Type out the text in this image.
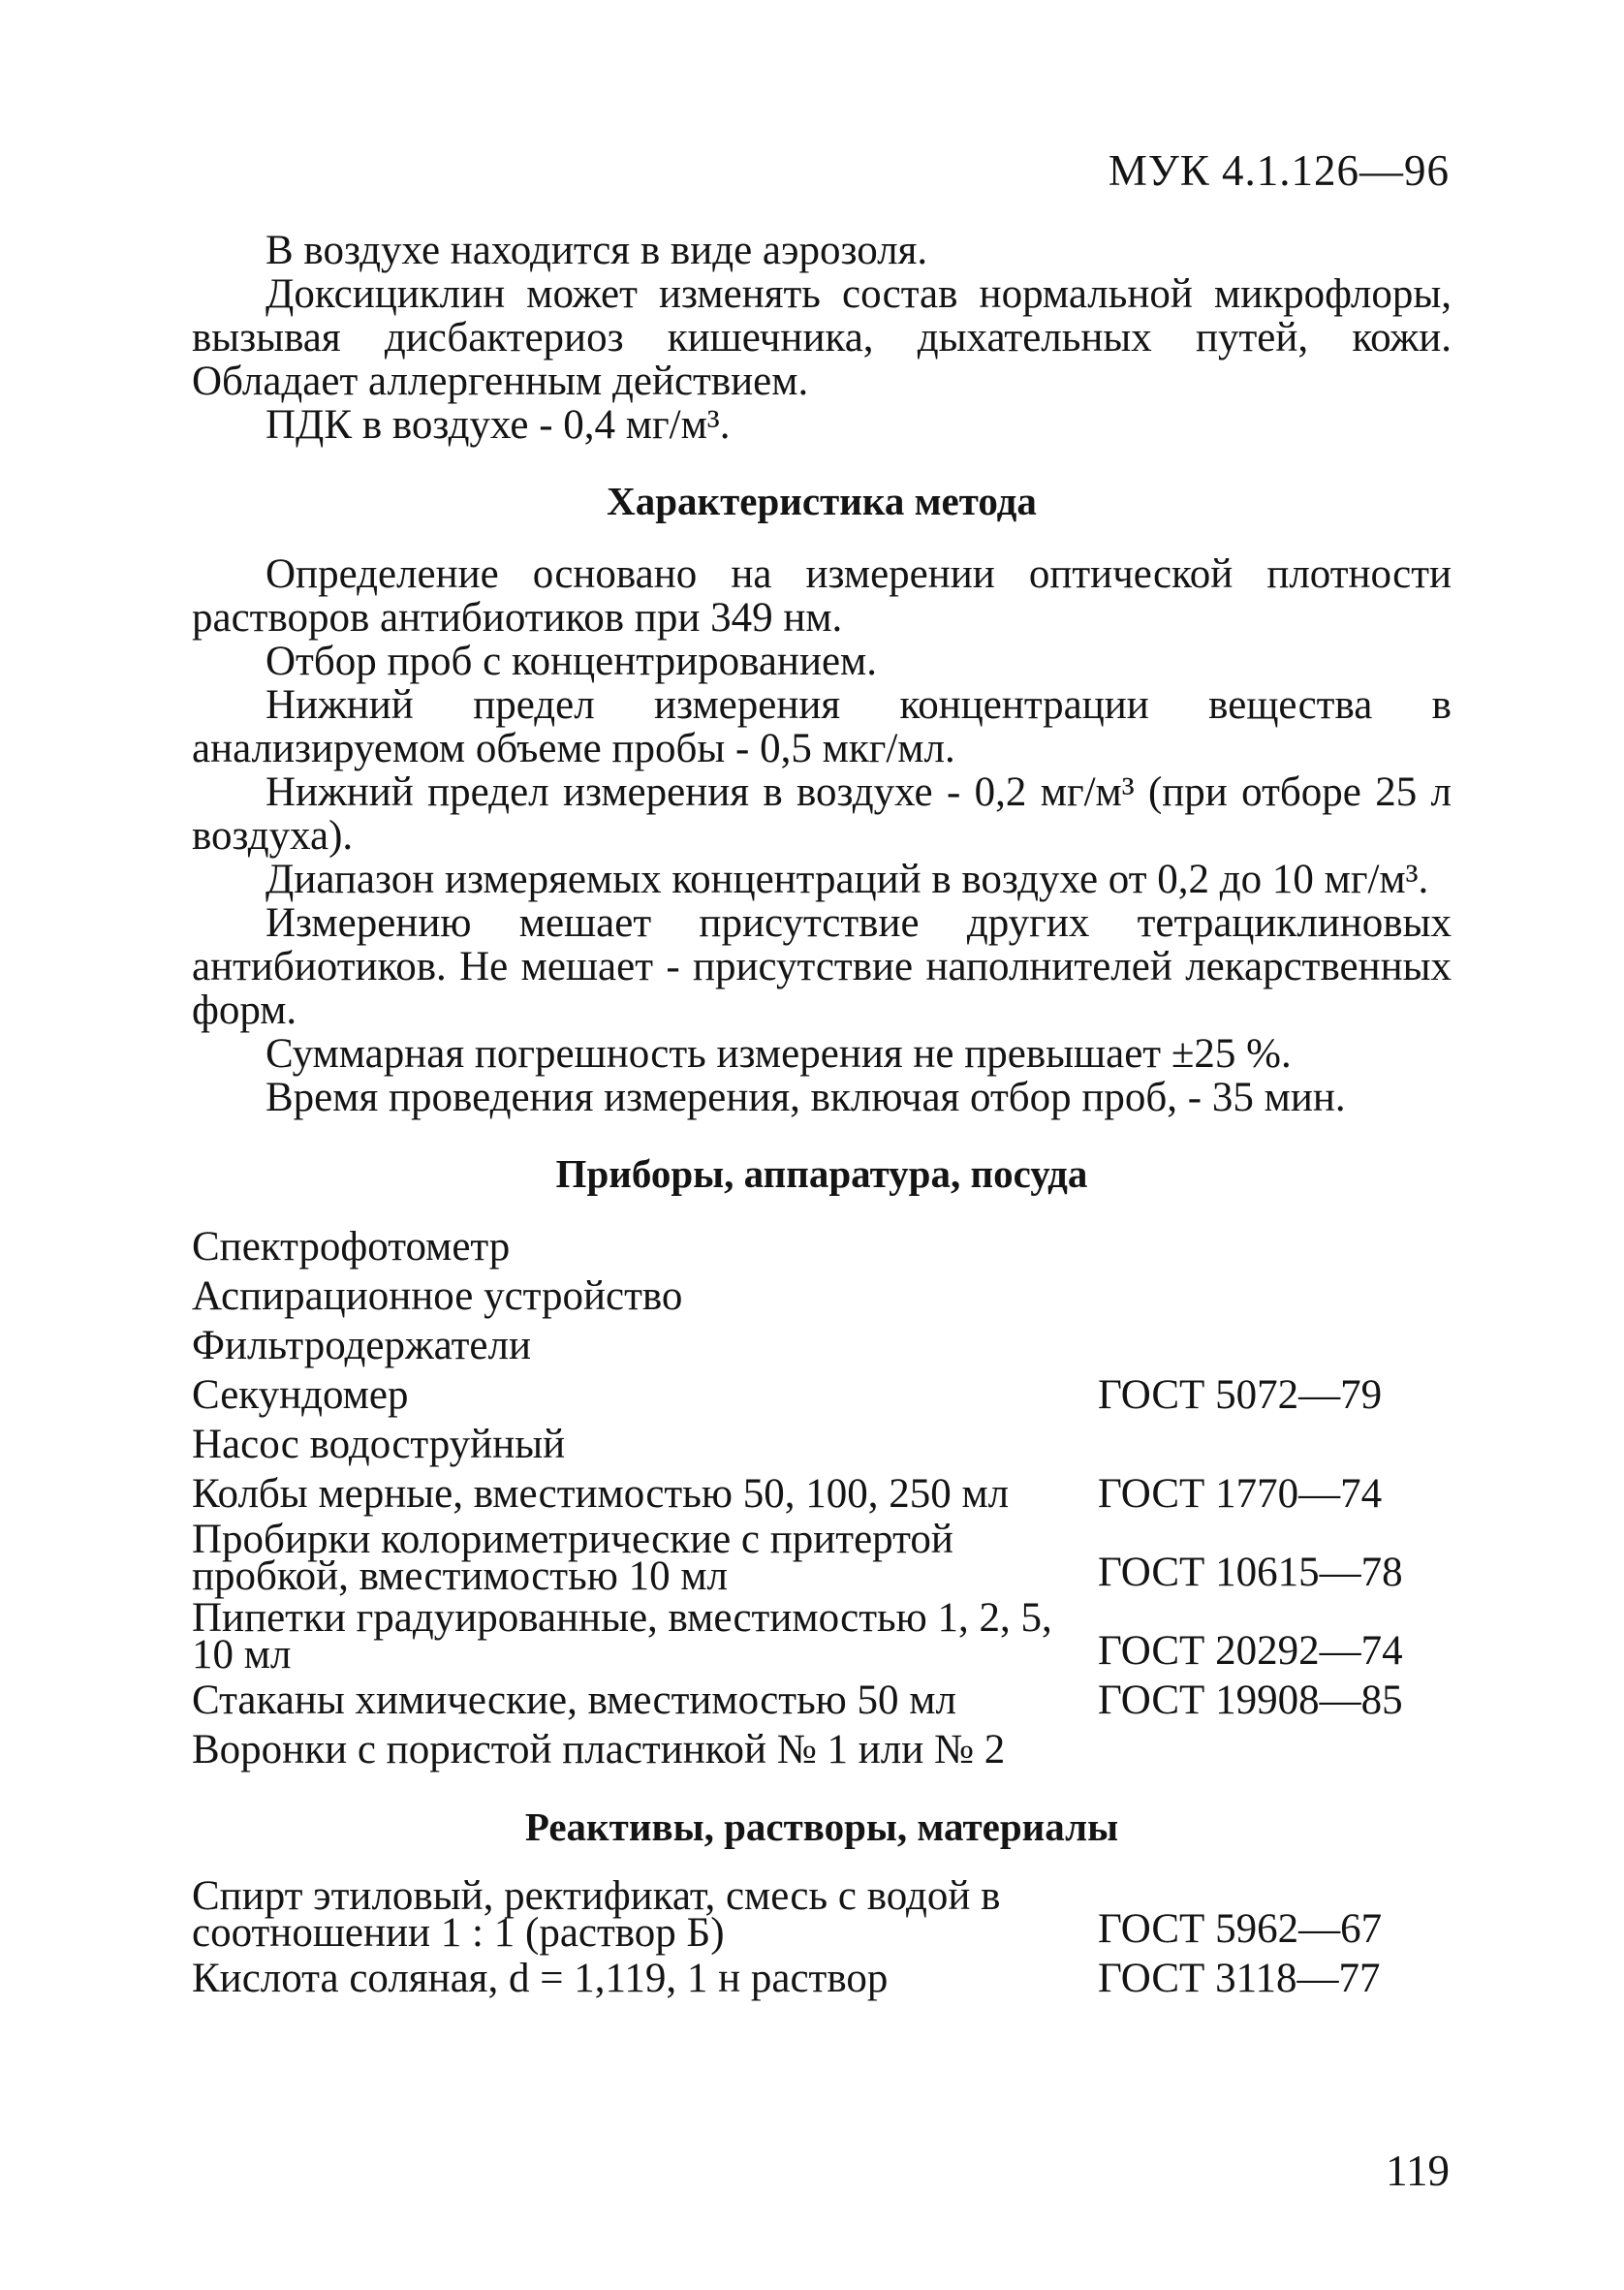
МУК 4.1.126—96

В воздухе находится в виде аэрозоля.

Доксициклин может изменять состав нормальной микрофлоры, вызывая дисбактериоз кишечника, дыхательных путей, кожи. Обладает аллергенным действием.

ПДК в воздухе - 0,4 мг/м³.

Характеристика метода

Определение основано на измерении оптической плотности растворов антибиотиков при 349 нм.

Отбор проб с концентрированием.

Нижний предел измерения концентрации вещества в анализируемом объеме пробы - 0,5 мкг/мл.

Нижний предел измерения в воздухе - 0,2 мг/м³ (при отборе 25 л воздуха).

Диапазон измеряемых концентраций в воздухе от 0,2 до 10 мг/м³.

Измерению мешает присутствие других тетрациклиновых антибиотиков. Не мешает - присутствие наполнителей лекарственных форм.

Суммарная погрешность измерения не превышает ±25 %.

Время проведения измерения, включая отбор проб, - 35 мин.

Приборы, аппаратура, посуда
Спектрофотометр
Аспирационное устройство
Фильтродержатели
Секундомер	ГОСТ 5072—79
Насос водоструйный
Колбы мерные, вместимостью 50, 100, 250 мл	ГОСТ 1770—74
Пробирки колориметрические с притертой пробкой, вместимостью 10 мл	ГОСТ 10615—78
Пипетки градуированные, вместимостью 1, 2, 5, 10 мл	ГОСТ 20292—74
Стаканы химические, вместимостью 50 мл	ГОСТ 19908—85
Воронки с пористой пластинкой № 1 или № 2
Реактивы, растворы, материалы
Спирт этиловый, ректификат, смесь с водой в соотношении 1 : 1 (раствор Б)	ГОСТ 5962—67
Кислота соляная, d = 1,119, 1 н раствор	ГОСТ 3118—77
119
